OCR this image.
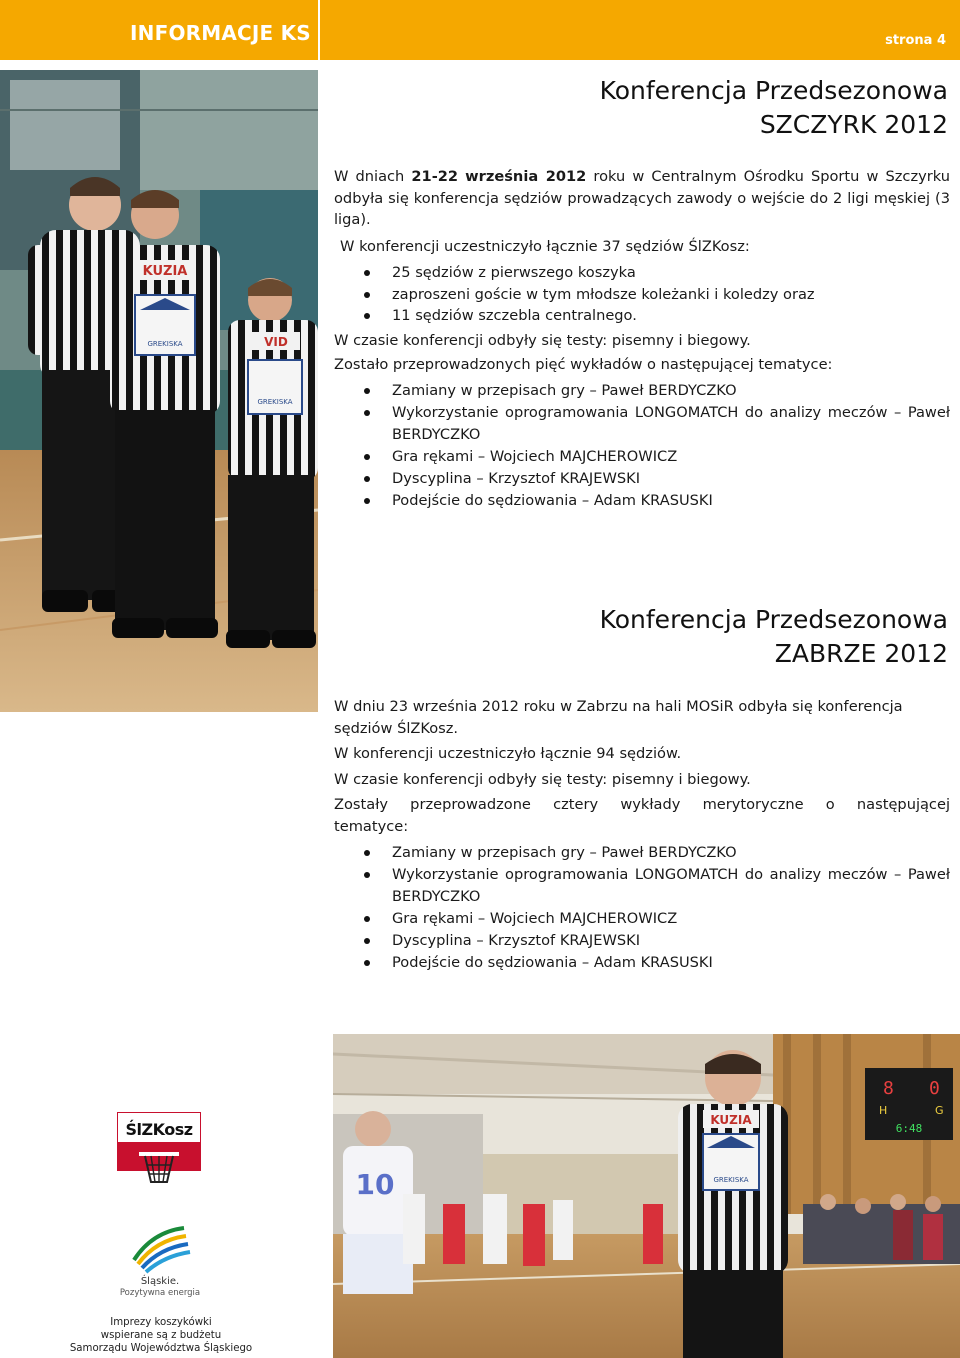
INFORMACJE KS	strona 4
KUZIA
GREKISKA	VID
GREKISKA
Konferencja Przedsezonowa
SZCZYRK 2012

W dniach 21-22 września 2012 roku w Centralnym Ośrodku Sportu w Szczyrku odbyła się konferencja sędziów prowadzących zawody o wejście do 2 ligi męskiej (3 liga).

W konferencji uczestniczyło łącznie 37 sędziów ŚlZKosz:

25 sędziów z pierwszego koszyka
zaproszeni goście w tym młodsze koleżanki i koledzy oraz
11 sędziów szczebla centralnego.

W czasie konferencji odbyły się testy: pisemny i biegowy.

Zostało przeprowadzonych pięć wykładów o następującej tematyce:

Zamiany w przepisach gry – Paweł BERDYCZKO
Wykorzystanie oprogramowania LONGOMATCH do analizy meczów – Paweł BERDYCZKO
Gra rękami – Wojciech MAJCHEROWICZ
Dyscyplina – Krzysztof KRAJEWSKI
Podejście do sędziowania – Adam KRASUSKI
Konferencja Przedsezonowa
ZABRZE 2012

W dniu 23 września 2012 roku w Zabrzu na hali MOSiR odbyła się konferencja sędziów ŚlZKosz.

W konferencji uczestniczyło łącznie 94 sędziów.

W czasie konferencji odbyły się testy: pisemny i biegowy.

Zostały przeprowadzone cztery wykłady merytoryczne o następującej tematyce:

Zamiany w przepisach gry – Paweł BERDYCZKO
Wykorzystanie oprogramowania LONGOMATCH do analizy meczów – Paweł BERDYCZKO
Gra rękami – Wojciech MAJCHEROWICZ
Dyscyplina – Krzysztof KRAJEWSKI
Podejście do sędziowania – Adam KRASUSKI
8 0
H	G
6:48
10
KUZIA
GREKISKA
ŚlZKosz
Śląskie.
Pozytywna energia
Imprezy koszykówki
wspierane są z budżetu
Samorządu Województwa Śląskiego
